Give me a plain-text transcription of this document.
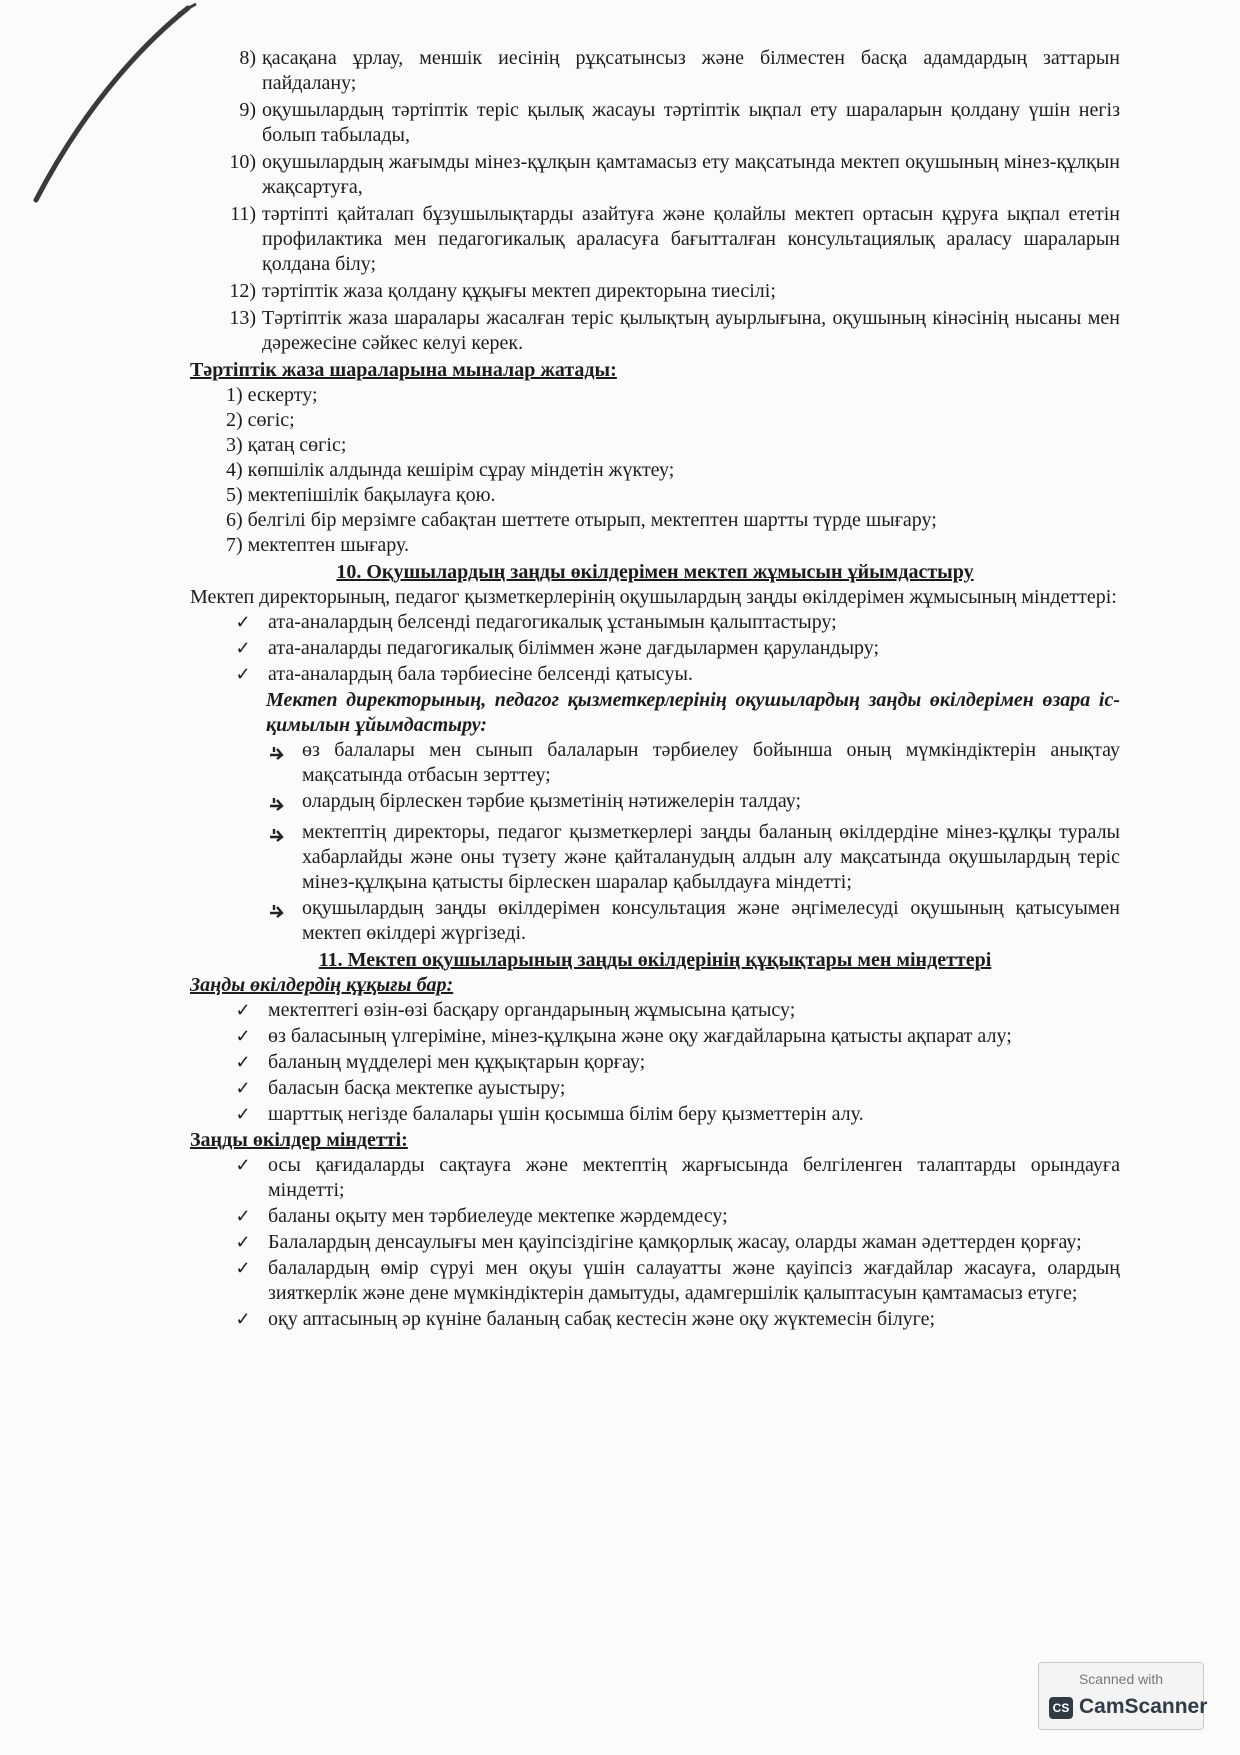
8) қасақана ұрлау, меншік иесінің рұқсатынсыз және білместен басқа адамдардың заттарын пайдалану;
9) оқушылардың тәртіптік теріс қылық жасауы тәртіптік ықпал ету шараларын қолдану үшін негіз болып табылады,
10) оқушылардың жағымды мінез-құлқын қамтамасыз ету мақсатында мектеп оқушының мінез-құлқын жақсартуға,
11) тәртіпті қайталап бұзушылықтарды азайтуға және қолайлы мектеп ортасын құруға ықпал ететін профилактика мен педагогикалық араласуға бағытталған консультациялық араласу шараларын қолдана білу;
12) тәртіптік жаза қолдану құқығы мектеп директорына тиесілі;
13) Тәртіптік жаза шаралары жасалған теріс қылықтың ауырлығына, оқушының кінәсінің нысаны мен дәрежесіне сәйкес келуі керек.
Тәртіптік жаза шараларына мыналар жатады:
1) ескерту;
2) сөгіс;
3) қатаң сөгіс;
4) көпшілік алдында кешірім сұрау міндетін жүктеу;
5) мектепішілік бақылауға қою.
6) белгілі бір мерзімге сабақтан шеттете отырып, мектептен шартты түрде шығару;
7) мектептен шығару.
10. Оқушылардың заңды өкілдерімен мектеп жұмысын ұйымдастыру
Мектеп директорының, педагог қызметкерлерінің оқушылардың заңды өкілдерімен жұмысының міндеттері:
✓ ата-аналардың белсенді педагогикалық ұстанымын қалыптастыру;
✓ ата-аналарды педагогикалық біліммен және дағдылармен қаруландыру;
✓ ата-аналардың бала тәрбиесіне белсенді қатысуы.
Мектеп директорының, педагог қызметкерлерінің оқушылардың заңды өкілдерімен өзара іс-қимылын ұйымдастыру:
өз балалары мен сынып балаларын тәрбиелеу бойынша оның мүмкіндіктерін анықтау мақсатында отбасын зерттеу;
олардың бірлескен тәрбие қызметінің нәтижелерін талдау;
мектептің директоры, педагог қызметкерлері заңды баланың өкілдердіне мінез-құлқы туралы хабарлайды және оны түзету және қайталанудың алдын алу мақсатында оқушылардың теріс мінез-құлқына қатысты бірлескен шаралар қабылдауға міндетті;
оқушылардың заңды өкілдерімен консультация және әңгімелесуді оқушының қатысуымен мектеп өкілдері жүргізеді.
11. Мектеп оқушыларының заңды өкілдерінің құқықтары мен міндеттері
Заңды өкілдердің құқығы бар:
✓ мектептегі өзін-өзі басқару органдарының жұмысына қатысу;
✓ өз баласының үлгеріміне, мінез-құлқына және оқу жағдайларына қатысты ақпарат алу;
✓ баланың мүдделері мен құқықтарын қорғау;
✓ баласын басқа мектепке ауыстыру;
✓ шарттық негізде балалары үшін қосымша білім беру қызметтерін алу.
Заңды өкілдер міндетті:
✓ осы қағидаларды сақтауға және мектептің жарғысында белгіленген талаптарды орындауға міндетті;
✓ баланы оқыту мен тәрбиелеуде мектепке жәрдемдесу;
✓ Балалардың денсаулығы мен қауіпсіздігіне қамқорлық жасау, оларды жаман әдеттерден қорғау;
✓ балалардың өмір сүруі мен оқуы үшін салауатты және қауіпсіз жағдайлар жасауға, олардың зияткерлік және дене мүмкіндіктерін дамытуды, адамгершілік қалыптасуын қамтамасыз етуге;
✓ оқу аптасының әр күніне баланың сабақ кестесін және оқу жүктемесін білуге;
Scanned with
CS CamScanner
